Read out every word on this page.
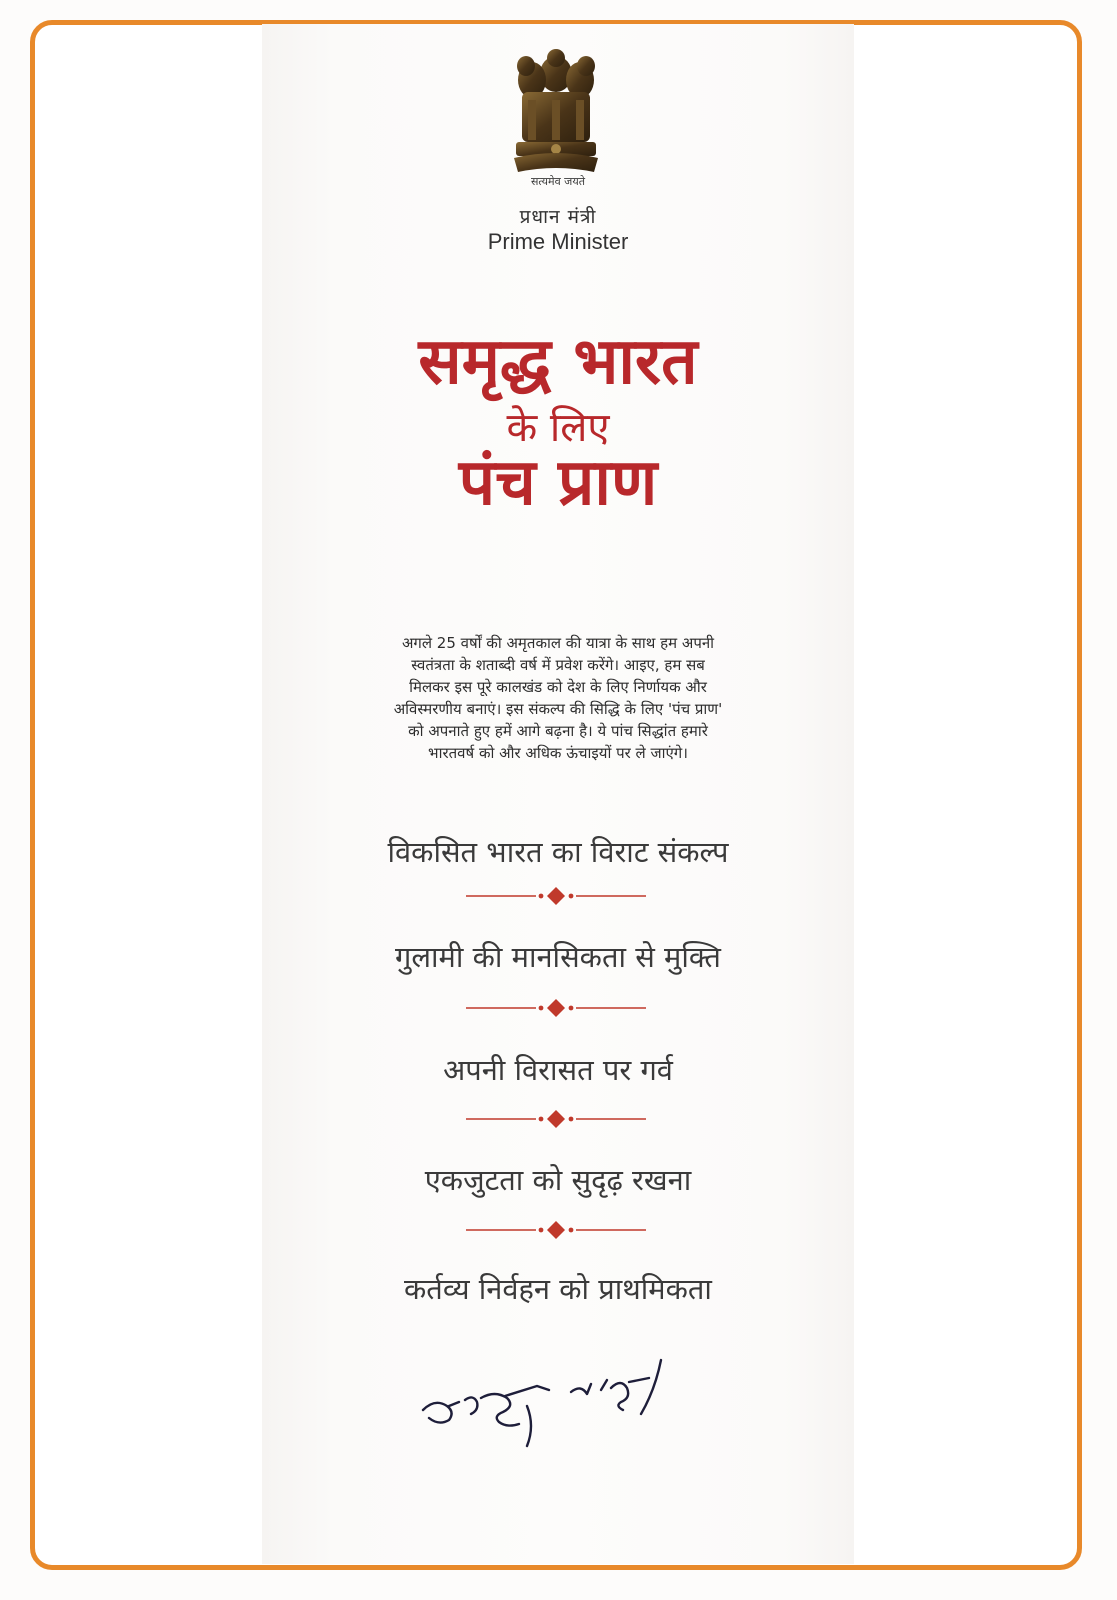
सत्यमेव जयते
प्रधान मंत्री
Prime Minister
समृद्ध भारत
के लिए
पंच प्राण
अगले 25 वर्षों की अमृतकाल की यात्रा के साथ हम अपनी
स्वतंत्रता के शताब्दी वर्ष में प्रवेश करेंगे। आइए, हम सब
मिलकर इस पूरे कालखंड को देश के लिए निर्णायक और
अविस्मरणीय बनाएं। इस संकल्प की सिद्धि के लिए 'पंच प्राण'
को अपनाते हुए हमें आगे बढ़ना है। ये पांच सिद्धांत हमारे
भारतवर्ष को और अधिक ऊंचाइयों पर ले जाएंगे।
विकसित भारत का विराट संकल्प
गुलामी की मानसिकता से मुक्ति
अपनी विरासत पर गर्व
एकजुटता को सुदृढ़ रखना
कर्तव्य निर्वहन को प्राथमिकता
